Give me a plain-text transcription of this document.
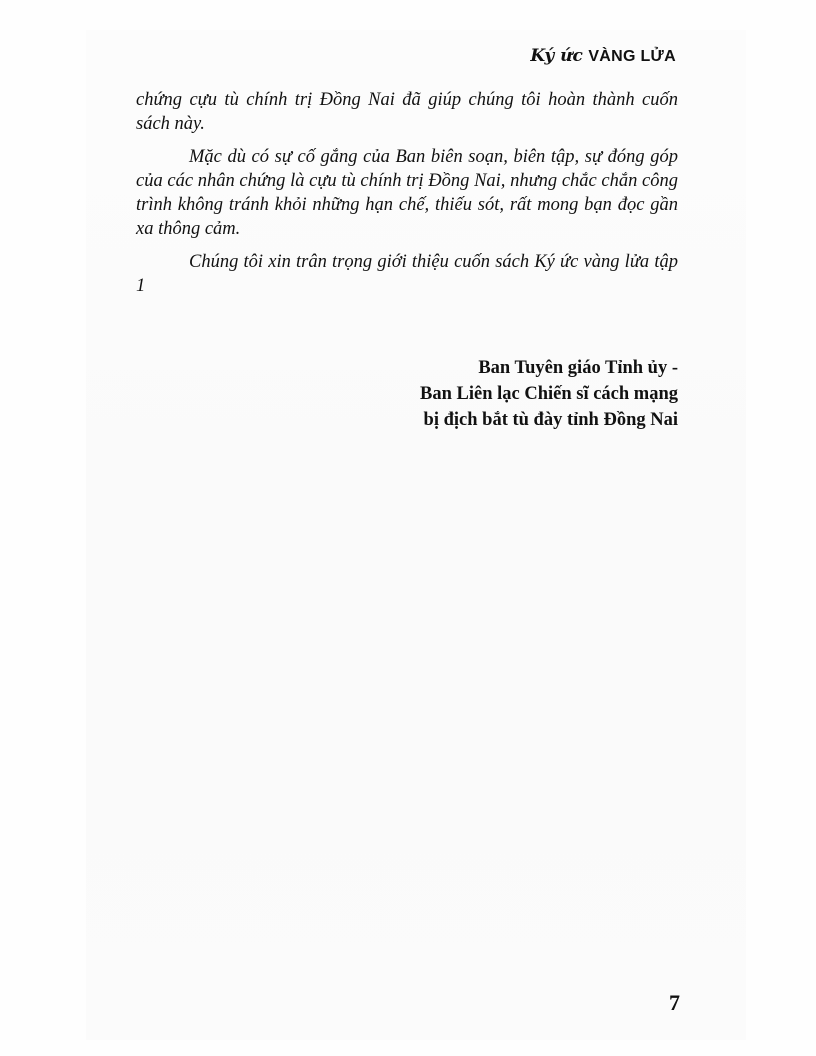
Ký ức VÀNG LỬA

chứng cựu tù chính trị Đồng Nai đã giúp chúng tôi hoàn thành cuốn sách này.

Mặc dù có sự cố gắng của Ban biên soạn, biên tập, sự đóng góp của các nhân chứng là cựu tù chính trị Đồng Nai, nhưng chắc chắn công trình không tránh khỏi những hạn chế, thiếu sót, rất mong bạn đọc gần xa thông cảm.

Chúng tôi xin trân trọng giới thiệu cuốn sách Ký ức vàng lửa tập 1

Ban Tuyên giáo Tỉnh ủy -
Ban Liên lạc Chiến sĩ cách mạng
bị địch bắt tù đày tỉnh Đồng Nai
7
